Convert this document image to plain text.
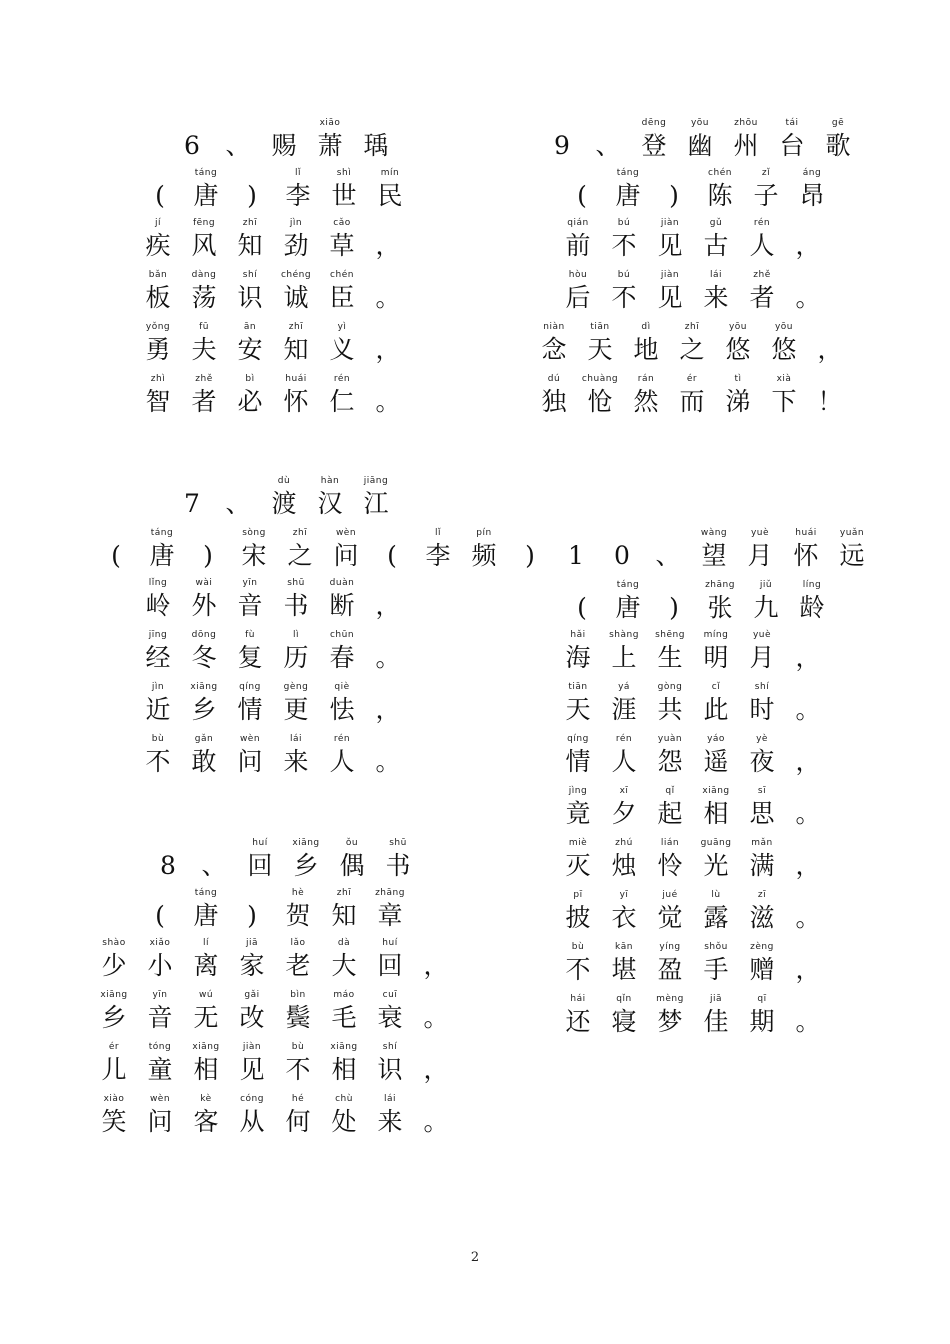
2
6	、 赐
xiāo
萧 瑀
(
táng
唐	)
lǐ
李
shì
世
mín
民
jí
疾
fēng
风
zhī
知
jìn
劲
cǎo
草 ，
bǎn
板
dàng
荡
shí
识
chéng
诚
chén
臣 。
yǒng
勇
fū
夫
ān
安
zhī
知
yì
义 ，
zhì
智
zhě
者
bì
必
huái
怀
rén
仁 。
7	、
dù
渡
hàn
汉
jiāng
江
(
táng
唐	)
sòng
宋
zhī
之
wèn
问	(
lǐ
李
pín
频	)
lǐng
岭
wài
外
yīn
音
shū
书
duàn
断 ，
jīng
经
dōng
冬
fù
复
lì
历
chūn
春 。
jìn
近
xiāng
乡
qíng
情
gèng
更
qiè
怯 ，
bù
不
gǎn
敢
wèn
问
lái
来
rén
人 。
8	、
huí
回
xiāng
乡
ǒu
偶
shū
书
(
táng
唐	)
hè
贺
zhī
知
zhāng
章
shào
少
xiǎo
小
lí
离
jiā
家
lǎo
老
dà
大
huí
回 ，
xiāng
乡
yīn
音
wú
无
gǎi
改
bìn
鬓
máo
毛
cuī
衰 。
ér
儿
tóng
童
xiāng
相
jiàn
见
bù
不
xiāng
相
shí
识 ，
xiào
笑
wèn
问
kè
客
cóng
从
hé
何
chù
处
lái
来 。
9	、
dēng
登
yōu
幽
zhōu
州
tái
台
gē
歌
(
táng
唐	)
chén
陈
zǐ
子
áng
昂
qián
前
bú
不
jiàn
见
gǔ
古
rén
人 ，
hòu
后
bú
不
jiàn
见
lái
来
zhě
者 。
niàn
念
tiān
天
dì
地
zhī
之
yōu
悠
yōu
悠 ，
dú
独
chuàng
怆
rán
然
ér
而
tì
涕
xià
下 ！
1	0	、
wàng
望
yuè
月
huái
怀
yuǎn
远
(
táng
唐	)
zhāng
张
jiǔ
九
líng
龄
hǎi
海
shàng
上
shēng
生
míng
明
yuè
月 ，
tiān
天
yá
涯
gòng
共
cǐ
此
shí
时 。
qíng
情
rén
人
yuàn
怨
yáo
遥
yè
夜 ，
jìng
竟
xī
夕
qǐ
起
xiāng
相
sī
思 。
miè
灭
zhú
烛
lián
怜
guāng
光
mǎn
满 ，
pī
披
yī
衣
jué
觉
lù
露
zī
滋 。
bù
不
kān
堪
yíng
盈
shǒu
手
zèng
赠 ，
hái
还
qǐn
寝
mèng
梦
jiā
佳
qī
期 。
